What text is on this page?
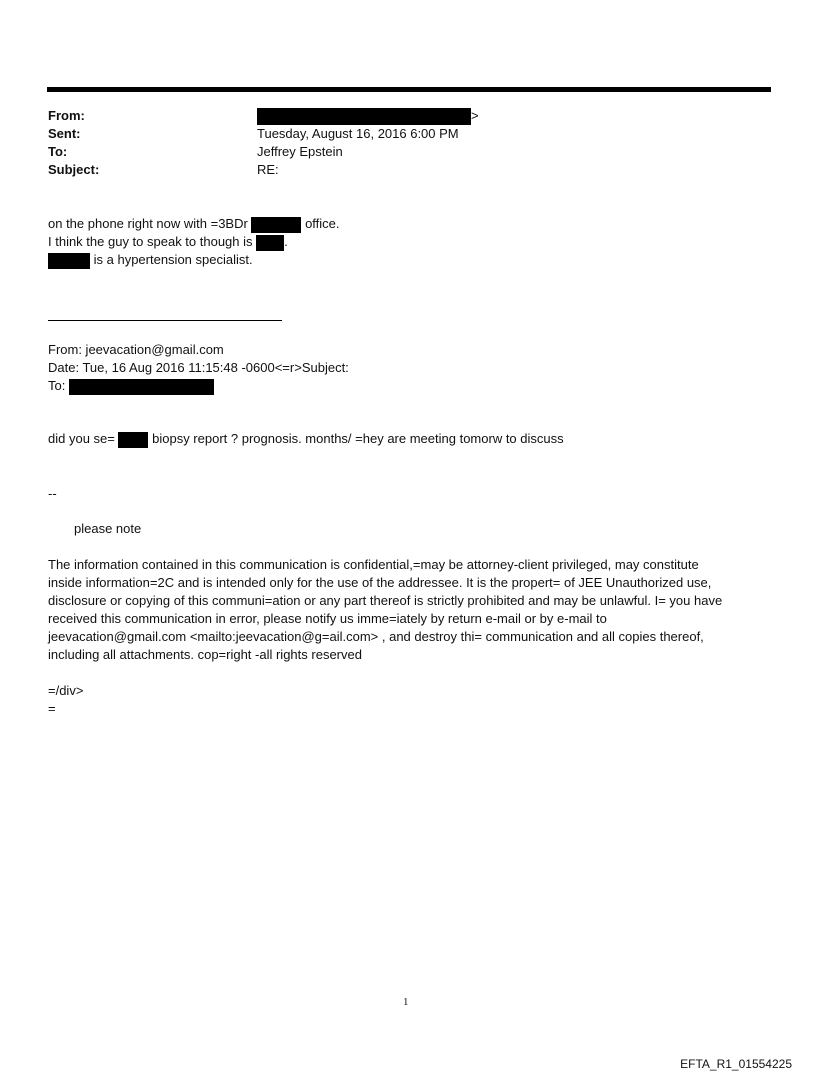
From:	>
Sent:	Tuesday, August 16, 2016 6:00 PM
To:	Jeffrey Epstein
Subject:	RE:
on the phone right now with =3BDr	office.
I think the guy to speak to though is .
is a hypertension specialist.
From: jeevacation@gmail.com
Date: Tue, 16 Aug 2016 11:15:48 -0600<=r>Subject:
To:
did you se=	biopsy report ? prognosis. months/ =hey are meeting tomorw to discuss
--
please note

The information contained in this communication is confidential,=may be attorney-client privileged, may constitute

inside information=2C and is intended only for the use of the addressee. It is the propert= of JEE Unauthorized use,

disclosure or copying of this communi=ation or any part thereof is strictly prohibited and may be unlawful. I= you have

received this communication in error, please notify us imme=iately by return e-mail or by e-mail to

jeevacation@gmail.com <mailto:jeevacation@g=ail.com> , and destroy thi= communication and all copies thereof,

including all attachments. cop=right -all rights reserved

=/div>
=
1
EFTA_R1_01554225
